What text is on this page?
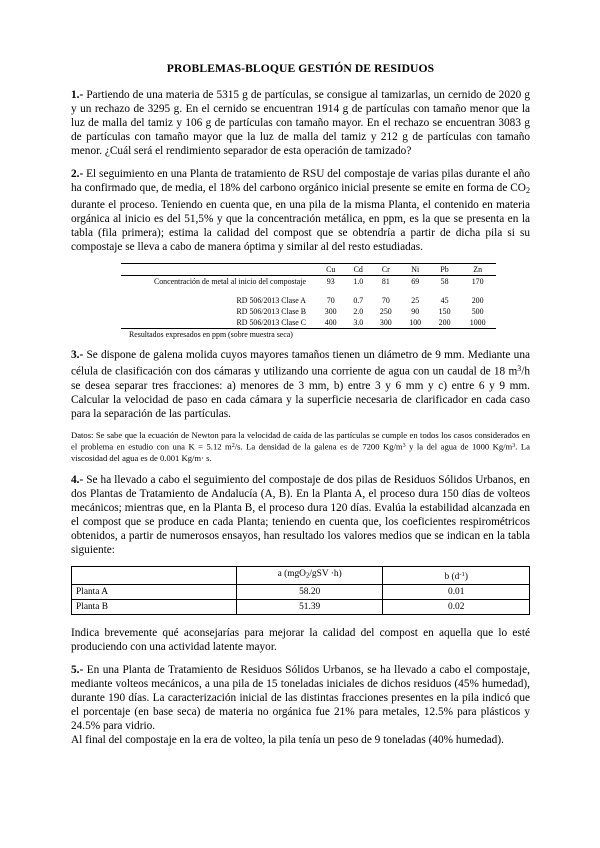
PROBLEMAS-BLOQUE GESTIÓN DE RESIDUOS

1.- Partiendo de una materia de 5315 g de partículas, se consigue al tamizarlas, un cernido de 2020 g y un rechazo de 3295 g. En el cernido se encuentran 1914 g de partículas con tamaño menor que la luz de malla del tamiz y 106 g de partículas con tamaño mayor. En el rechazo se encuentran 3083 g de partículas con tamaño mayor que la luz de malla del tamiz y 212 g de partículas con tamaño menor. ¿Cuál será el rendimiento separador de esta operación de tamizado?

2.- El seguimiento en una Planta de tratamiento de RSU del compostaje de varias pilas durante el año ha confirmado que, de media, el 18% del carbono orgánico inicial presente se emite en forma de $CO_2$ durante el proceso. Teniendo en cuenta que, en una pila de la misma Planta, el contenido en materia orgánica al inicio es del 51,5% y que la concentración metálica, en ppm, es la que se presenta en la tabla (fila primera); estima la calidad del compost que se obtendría a partir de dicha pila si su compostaje se lleva a cabo de manera óptima y similar al del resto estudiadas.

	Cu	Cd	Cr	Ni	Pb	Zn
Concentración de metal al inicio del compostaje	93	1.0	81	69	58	170

RD 506/2013 Clase A	70	0.7	70	25	45	200
RD 506/2013 Clase B	300	2.0	250	90	150	500
RD 506/2013 Clase C	400	3.0	300	100	200	1000
Resultados expresados en ppm (sobre muestra seca)

3.- Se dispone de galena molida cuyos mayores tamaños tienen un diámetro de 9 mm. Mediante una célula de clasificación con dos cámaras y utilizando una corriente de agua con un caudal de 18 $m^3/h$ se desea separar tres fracciones: a) menores de 3 mm, b) entre 3 y 6 mm y c) entre 6 y 9 mm. Calcular la velocidad de paso en cada cámara y la superficie necesaria de clarificador en cada caso para la separación de las partículas.

Datos: Se sabe que la ecuación de Newton para la velocidad de caída de las partículas se cumple en todos los casos considerados en el problema en estudio con una K = 5.12 $m^2/s$. La densidad de la galena es de 7200 $Kg/m^3$ y la del agua de 1000 $Kg/m^3$. La viscosidad del agua es de 0.001 Kg/m· s.

4.- Se ha llevado a cabo el seguimiento del compostaje de dos pilas de Residuos Sólidos Urbanos, en dos Plantas de Tratamiento de Andalucía (A, B). En la Planta A, el proceso dura 150 días de volteos mecánicos; mientras que, en la Planta B, el proceso dura 120 días. Evalúa la estabilidad alcanzada en el compost que se produce en cada Planta; teniendo en cuenta que, los coeficientes respirométricos obtenidos, a partir de numerosos ensayos, han resultado los valores medios que se indican en la tabla siguiente:

	a (mgO$_2$/gSV ·h)	b $(d^{-1})$
Planta A	58.20	0.01
Planta B	51.39	0.02

Indica brevemente qué aconsejarías para mejorar la calidad del compost en aquella que lo esté produciendo con una actividad latente mayor.

5.- En una Planta de Tratamiento de Residuos Sólidos Urbanos, se ha llevado a cabo el compostaje, mediante volteos mecánicos, a una pila de 15 toneladas iniciales de dichos residuos (45% humedad), durante 190 días. La caracterización inicial de las distintas fracciones presentes en la pila indicó que el porcentaje (en base seca) de materia no orgánica fue 21% para metales, 12.5% para plásticos y 24.5% para vidrio.

Al final del compostaje en la era de volteo, la pila tenía un peso de 9 toneladas (40% humedad).
